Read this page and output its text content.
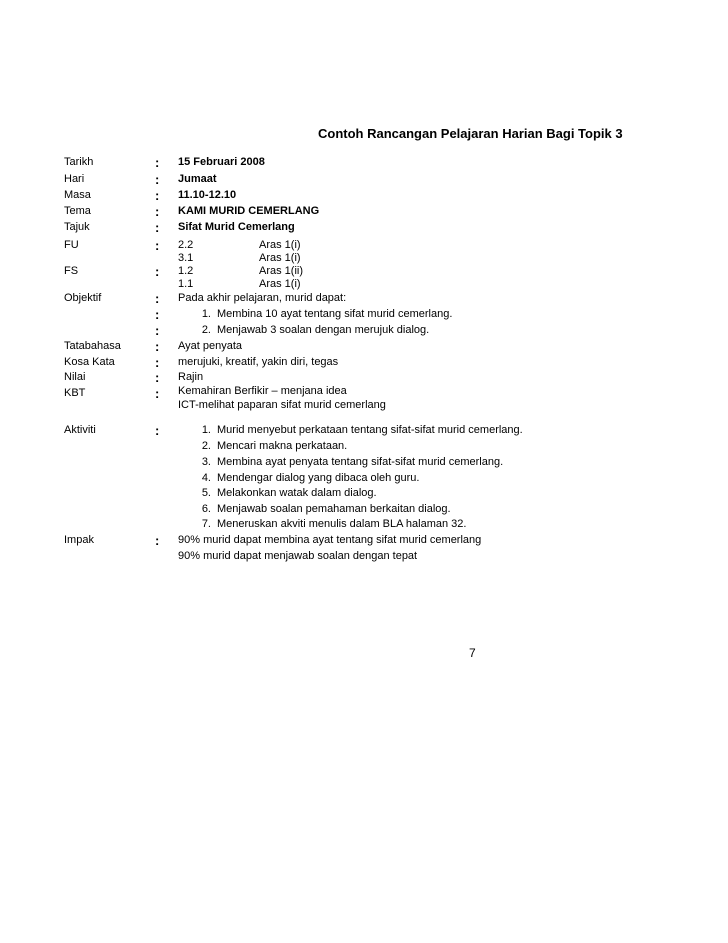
Contoh Rancangan Pelajaran Harian Bagi Topik 3
Tarikh	: 15 Februari 2008
Hari	: Jumaat
Masa	: 11.10-12.10
Tema	: KAMI MURID CEMERLANG
Tajuk	: Sifat Murid Cemerlang
FU	: 2.2	Aras 1(i)
3.1	Aras 1(i)
FS	: 1.2	Aras 1(ii)
1.1	Aras 1(i)
Objektif	: Pada akhir pelajaran, murid dapat:
:	1. Membina 10 ayat tentang sifat murid cemerlang.
:	2. Menjawab 3 soalan dengan merujuk dialog.
Tatabahasa	: Ayat penyata
Kosa Kata	: merujuki, kreatif, yakin diri, tegas
Nilai	: Rajin
KBT	: Kemahiran Berfikir – menjana idea
ICT-melihat paparan sifat murid cemerlang
Aktiviti	:	1. Murid menyebut perkataan tentang sifat-sifat murid cemerlang.
2. Mencari makna perkataan.
3. Membina ayat penyata tentang sifat-sifat murid cemerlang.
4. Mendengar dialog yang dibaca oleh guru.
5. Melakonkan watak dalam dialog.
6. Menjawab soalan pemahaman berkaitan dialog.
7. Meneruskan akviti menulis dalam BLA halaman 32.
Impak	: 90% murid dapat membina ayat tentang sifat murid cemerlang
90% murid dapat menjawab soalan dengan tepat
7
